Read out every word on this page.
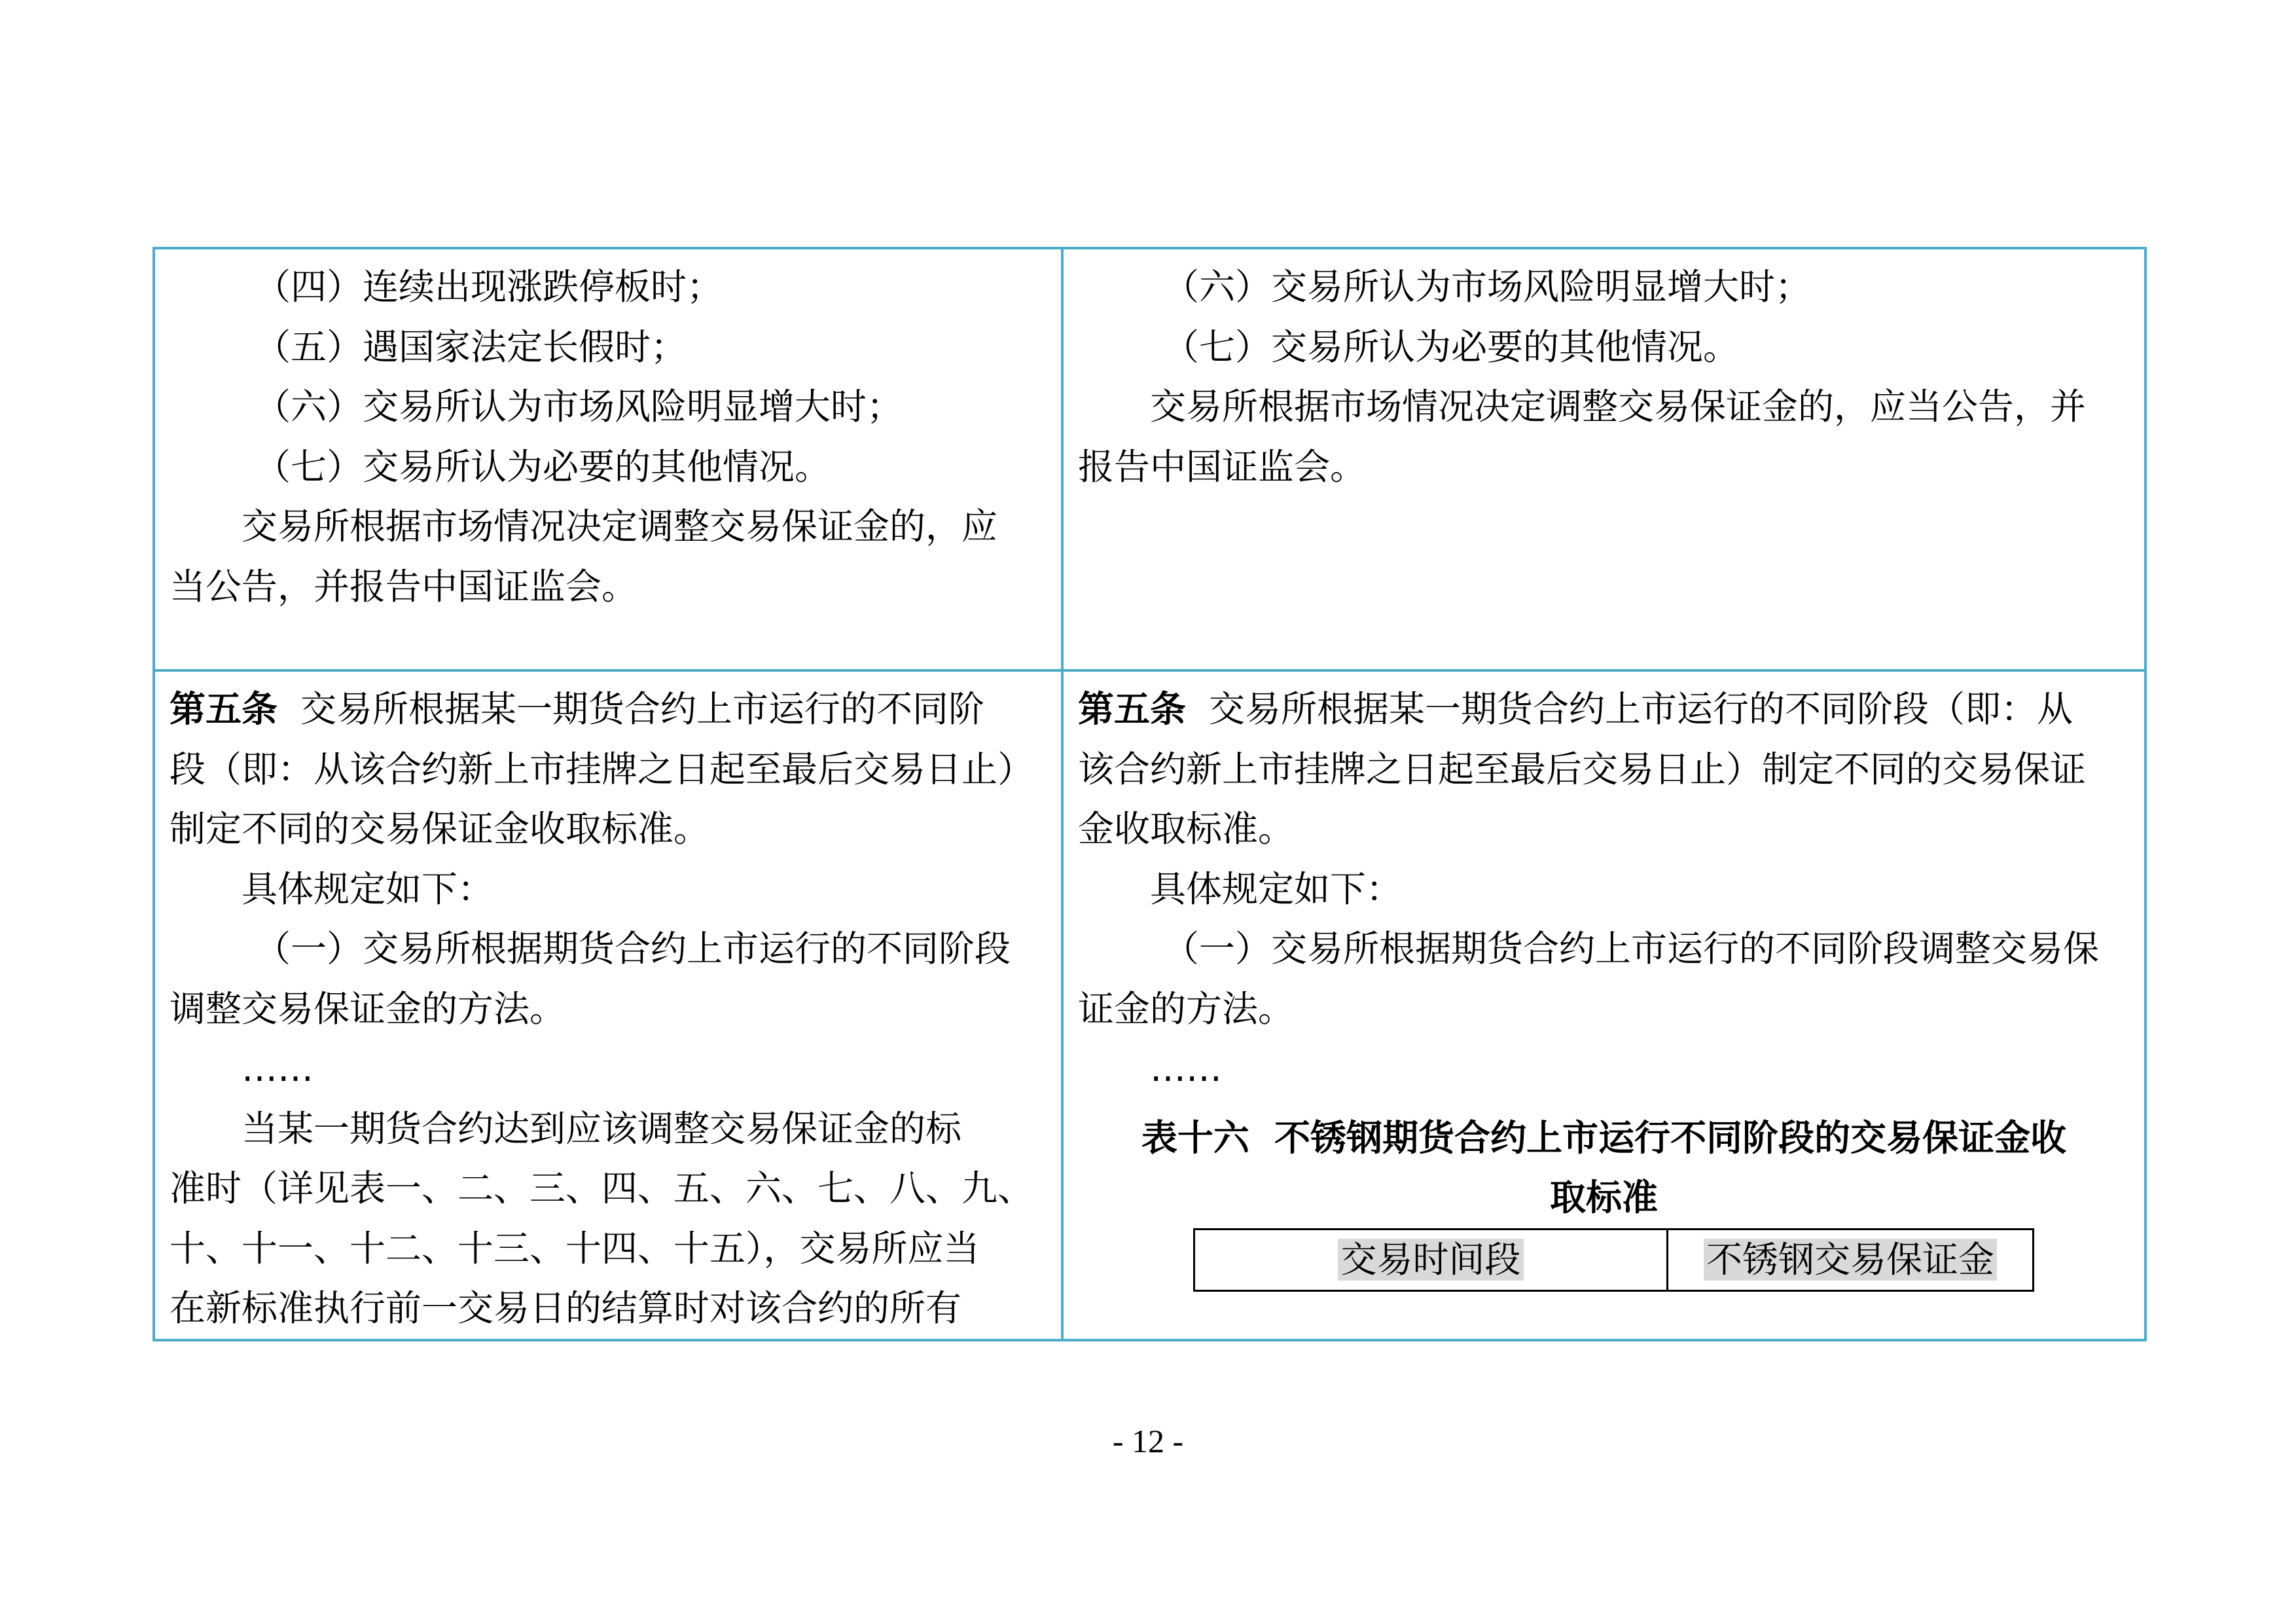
（四）连续出现涨跌停板时；

（五）遇国家法定长假时；

（六）交易所认为市场风险明显增大时；

（七）交易所认为必要的其他情况。

交易所根据市场情况决定调整交易保证金的，应

当公告，并报告中国证监会。

（六）交易所认为市场风险明显增大时；

（七）交易所认为必要的其他情况。

交易所根据市场情况决定调整交易保证金的，应当公告，并

报告中国证监会。

第五条 交易所根据某一期货合约上市运行的不同阶

段（即：从该合约新上市挂牌之日起至最后交易日止）

制定不同的交易保证金收取标准。

具体规定如下：

（一）交易所根据期货合约上市运行的不同阶段

调整交易保证金的方法。

……

当某一期货合约达到应该调整交易保证金的标

准时（详见表一、二、三、四、五、六、七、八、九、

十、十一、十二、十三、十四、十五），交易所应当

在新标准执行前一交易日的结算时对该合约的所有

第五条 交易所根据某一期货合约上市运行的不同阶段（即：从

该合约新上市挂牌之日起至最后交易日止）制定不同的交易保证

金收取标准。

具体规定如下：

（一）交易所根据期货合约上市运行的不同阶段调整交易保

证金的方法。

……

表十六  不锈钢期货合约上市运行不同阶段的交易保证金收
取标准
交易时间段	不锈钢交易保证金
- 12 -
